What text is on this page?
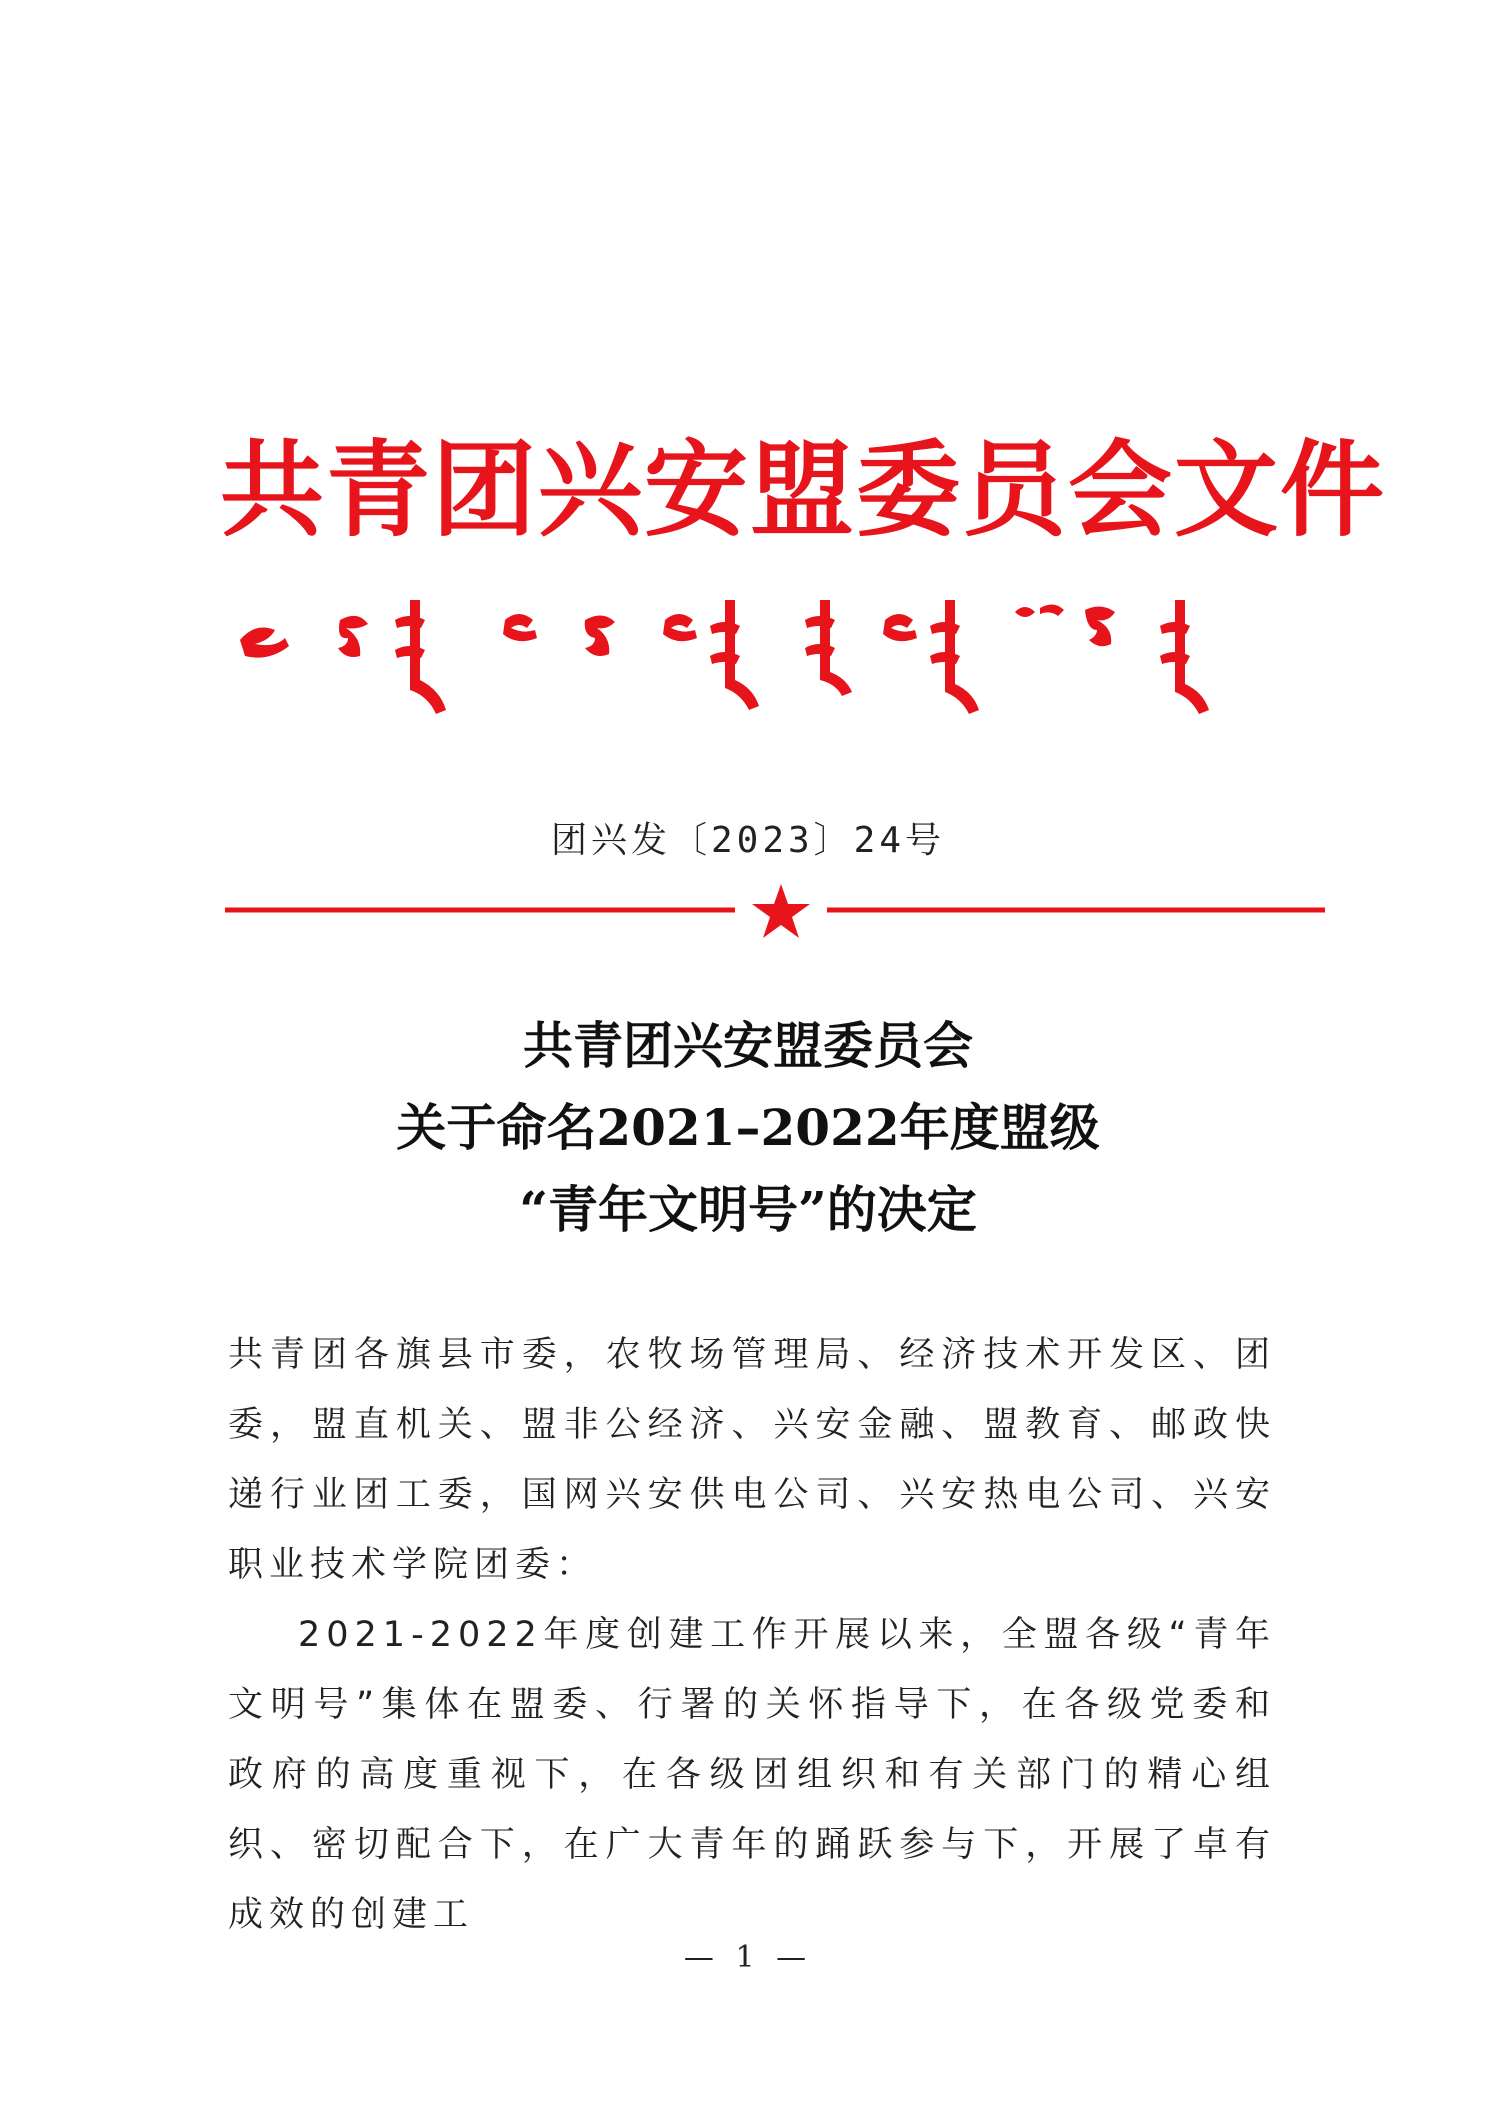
共青团兴安盟委员会文件
团兴发〔2023〕24号
共青团兴安盟委员会
关于命名2021–2022年度盟级
“青年文明号”的决定

共青团各旗县市委，农牧场管理局、经济技术开发区、团委，盟直机关、盟非公经济、兴安金融、盟教育、邮政快递行业团工委，国网兴安供电公司、兴安热电公司、兴安职业技术学院团委：

2021-2022年度创建工作开展以来，全盟各级“青年文明号”集体在盟委、行署的关怀指导下，在各级党委和政府的高度重视下，在各级团组织和有关部门的精心组织、密切配合下，在广大青年的踊跃参与下，开展了卓有成效的创建工

— 1 —
